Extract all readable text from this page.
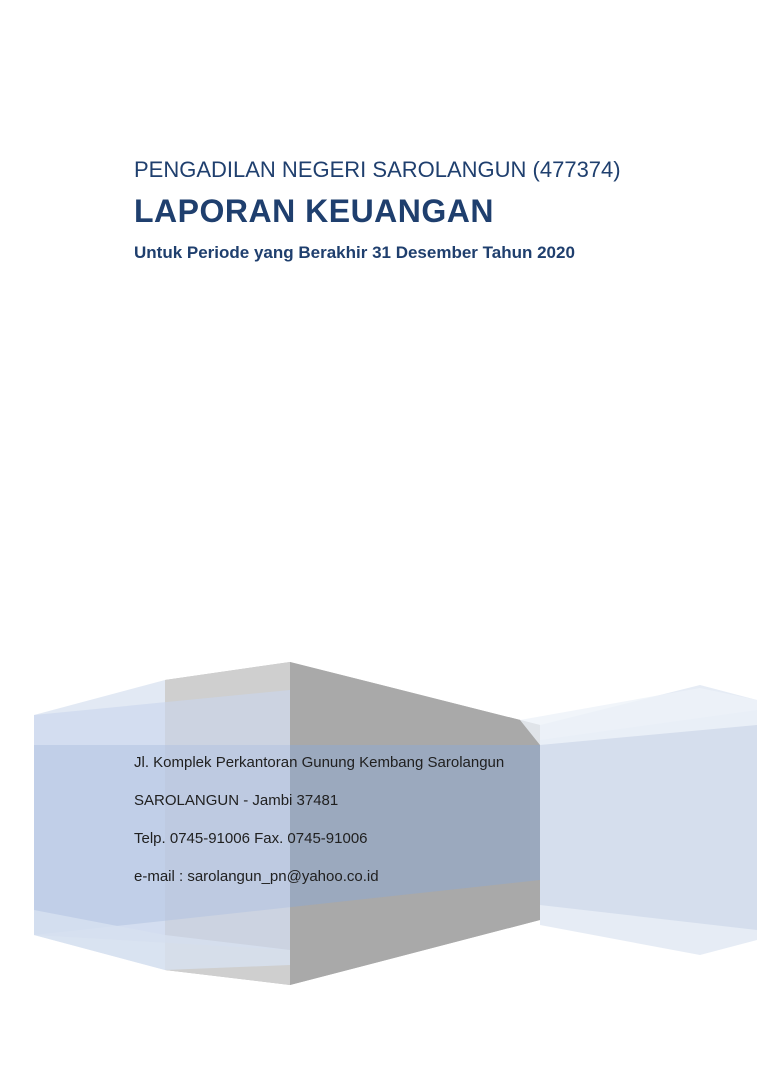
PENGADILAN NEGERI SAROLANGUN (477374)
LAPORAN KEUANGAN

Untuk Periode yang Berakhir 31 Desember Tahun 2020

Jl. Komplek Perkantoran Gunung Kembang Sarolangun

SAROLANGUN - Jambi 37481

Telp. 0745-91006 Fax. 0745-91006

e-mail : sarolangun_pn@yahoo.co.id
